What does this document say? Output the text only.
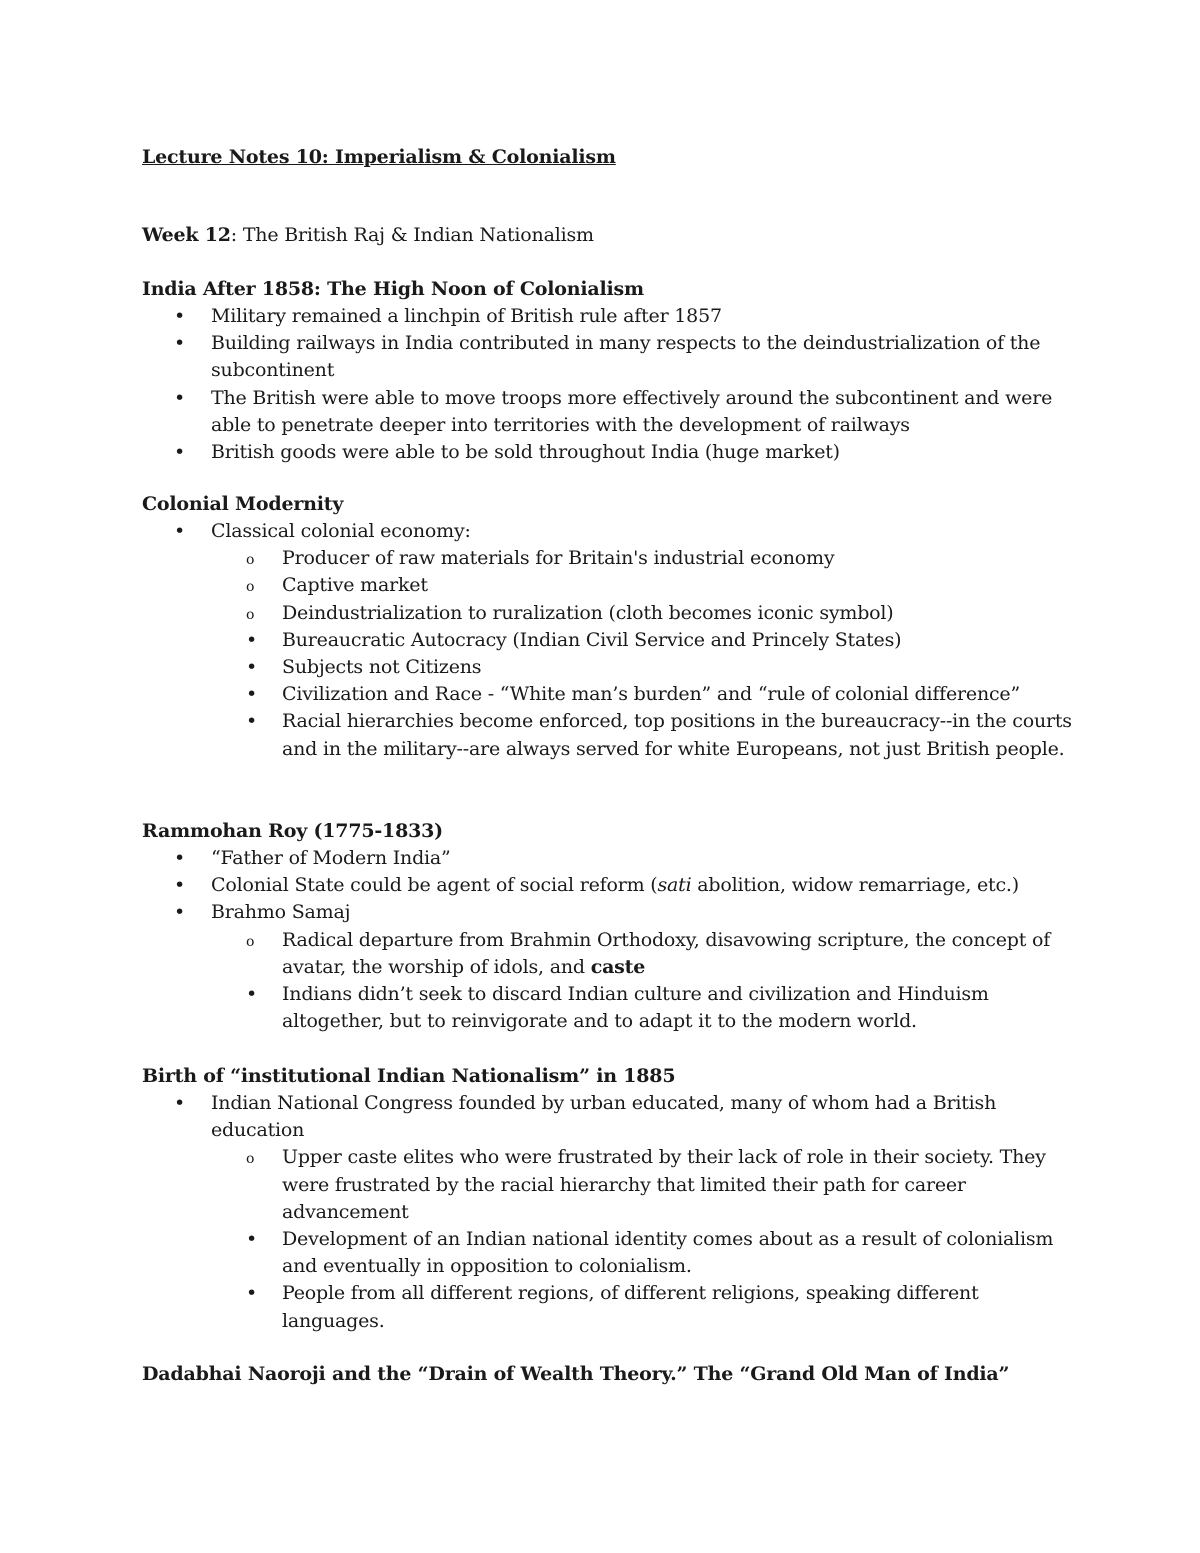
Lecture Notes 10: Imperialism & Colonialism

Week 12: The British Raj & Indian Nationalism

India After 1858: The High Noon of Colonialism
• Military remained a linchpin of British rule after 1857
• Building railways in India contributed in many respects to the deindustrialization of the subcontinent
• The British were able to move troops more effectively around the subcontinent and were able to penetrate deeper into territories with the development of railways
• British goods were able to be sold throughout India (huge market)
Colonial Modernity
• Classical colonial economy:
o Producer of raw materials for Britain's industrial economy
o Captive market
o Deindustrialization to ruralization (cloth becomes iconic symbol)
• Bureaucratic Autocracy (Indian Civil Service and Princely States)
• Subjects not Citizens
• Civilization and Race - “White man’s burden” and “rule of colonial difference”
• Racial hierarchies become enforced, top positions in the bureaucracy--in the courts and in the military--are always served for white Europeans, not just British people.
Rammohan Roy (1775-1833)
• “Father of Modern India”
• Colonial State could be agent of social reform (sati abolition, widow remarriage, etc.)
• Brahmo Samaj
o Radical departure from Brahmin Orthodoxy, disavowing scripture, the concept of avatar, the worship of idols, and caste
• Indians didn’t seek to discard Indian culture and civilization and Hinduism altogether, but to reinvigorate and to adapt it to the modern world.
Birth of “institutional Indian Nationalism” in 1885
• Indian National Congress founded by urban educated, many of whom had a British education
o Upper caste elites who were frustrated by their lack of role in their society. They were frustrated by the racial hierarchy that limited their path for career advancement
• Development of an Indian national identity comes about as a result of colonialism and eventually in opposition to colonialism.
• People from all different regions, of different religions, speaking different languages.
Dadabhai Naoroji and the “Drain of Wealth Theory.” The “Grand Old Man of India”
